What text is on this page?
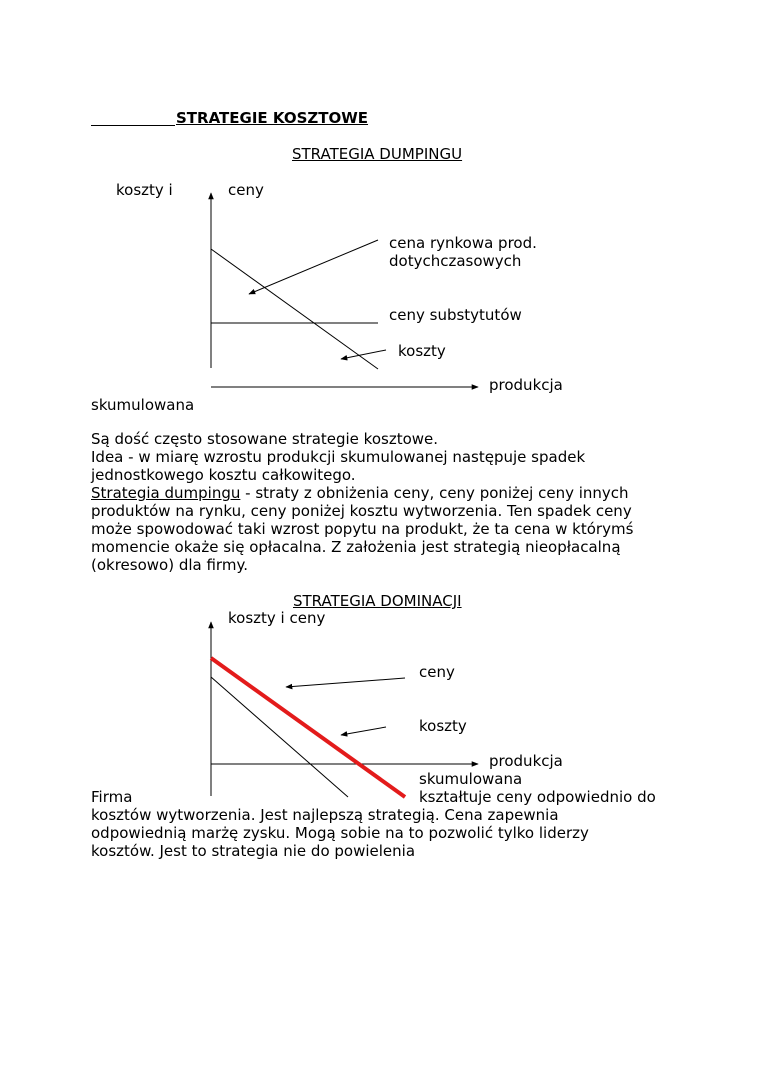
STRATEGIE KOSZTOWE
STRATEGIA DUMPINGU
koszty i	ceny
cena rynkowa prod.
dotychczasowych
ceny substytutów
koszty
produkcja
skumulowana
Są dość często stosowane strategie kosztowe.
Idea - w miarę wzrostu produkcji skumulowanej następuje spadek
jednostkowego kosztu całkowitego.
Strategia dumpingu - straty z obniżenia ceny, ceny poniżej ceny innych
produktów na rynku, ceny poniżej kosztu wytworzenia. Ten spadek ceny
może spowodować taki wzrost popytu na produkt, że ta cena w którymś
momencie okaże się opłacalna. Z założenia jest strategią nieopłacalną
(okresowo) dla firmy.
STRATEGIA DOMINACJI
koszty i ceny
ceny
koszty
produkcja
skumulowana
Firma	kształtuje ceny odpowiednio do
kosztów wytworzenia. Jest najlepszą strategią. Cena zapewnia
odpowiednią marżę zysku. Mogą sobie na to pozwolić tylko liderzy
kosztów. Jest to strategia nie do powielenia
